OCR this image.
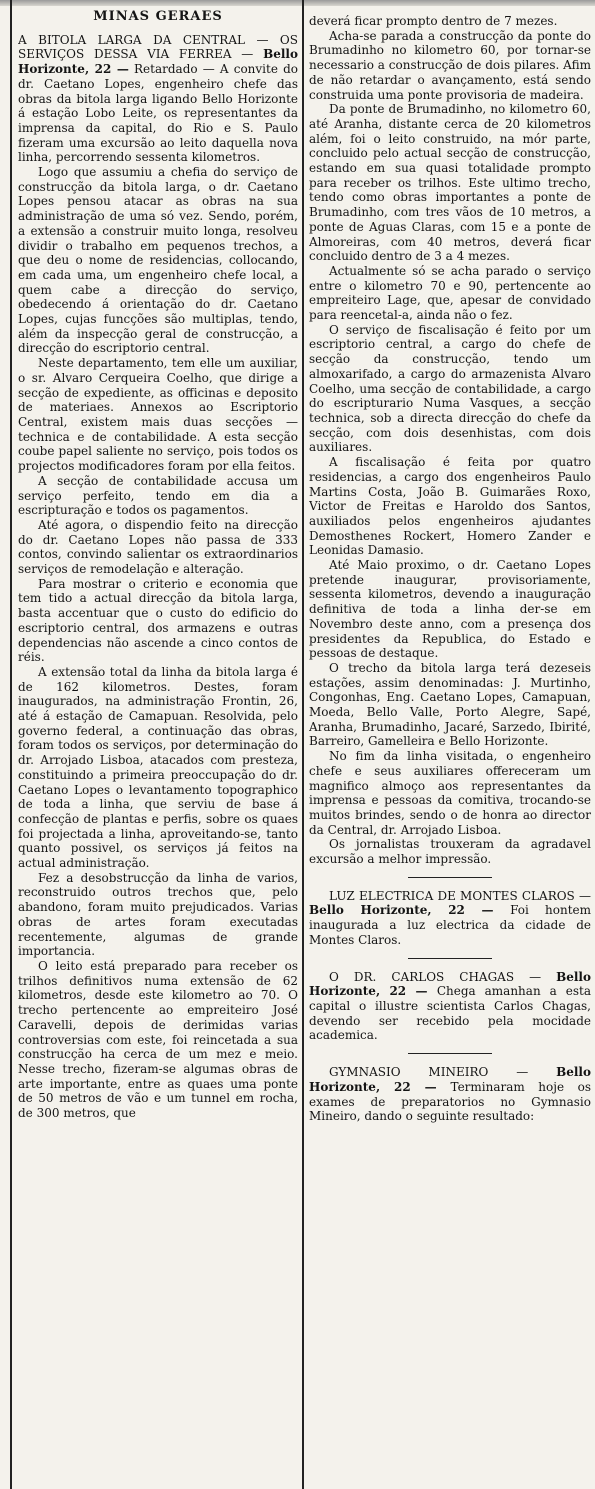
MINAS GERAES

A BITOLA LARGA DA CENTRAL — OS SERVIÇOS DESSA VIA FERREA — Bello Horizonte, 22 — Retardado — A convite do dr. Caetano Lopes, engenheiro chefe das obras da bitola larga ligando Bello Horizonte á estação Lobo Leite, os representantes da imprensa da capital, do Rio e S. Paulo fizeram uma excursão ao leito daquella nova linha, percorrendo sessenta kilometros.

Logo que assumiu a chefia do serviço de construcção da bitola larga, o dr. Caetano Lopes pensou atacar as obras na sua administração de uma só vez. Sendo, porém, a extensão a construir muito longa, resolveu dividir o trabalho em pequenos trechos, a que deu o nome de residencias, collocando, em cada uma, um engenheiro chefe local, a quem cabe a direcção do serviço, obedecendo á orientação do dr. Caetano Lopes, cujas funcções são multiplas, tendo, além da inspecção geral de construcção, a direcção do escriptorio central.

Neste departamento, tem elle um auxiliar, o sr. Alvaro Cerqueira Coelho, que dirige a secção de expediente, as officinas e deposito de materiaes. Annexos ao Escriptorio Central, existem mais duas secções — technica e de contabilidade. A esta secção coube papel saliente no serviço, pois todos os projectos modificadores foram por ella feitos.

A secção de contabilidade accusa um serviço perfeito, tendo em dia a escripturação e todos os pagamentos.

Até agora, o dispendio feito na direcção do dr. Caetano Lopes não passa de 333 contos, convindo salientar os extraordinarios serviços de remodelação e alteração.

Para mostrar o criterio e economia que tem tido a actual direcção da bitola larga, basta accentuar que o custo do edificio do escriptorio central, dos armazens e outras dependencias não ascende a cinco contos de réis.

A extensão total da linha da bitola larga é de 162 kilometros. Destes, foram inaugurados, na administração Frontin, 26, até á estação de Camapuan. Resolvida, pelo governo federal, a continuação das obras, foram todos os serviços, por determinação do dr. Arrojado Lisboa, atacados com presteza, constituindo a primeira preoccupação do dr. Caetano Lopes o levantamento topographico de toda a linha, que serviu de base á confecção de plantas e perfis, sobre os quaes foi projectada a linha, aproveitando-se, tanto quanto possivel, os serviços já feitos na actual administração.

Fez a desobstrucção da linha de varios, reconstruido outros trechos que, pelo abandono, foram muito prejudicados. Varias obras de artes foram executadas recentemente, algumas de grande importancia.

O leito está preparado para receber os trilhos definitivos numa extensão de 62 kilometros, desde este kilometro ao 70. O trecho pertencente ao empreiteiro José Caravelli, depois de derimidas varias controversias com este, foi reincetada a sua construcção ha cerca de um mez e meio. Nesse trecho, fizeram-se algumas obras de arte importante, entre as quaes uma ponte de 50 metros de vão e um tunnel em rocha, de 300 metros, que

deverá ficar prompto dentro de 7 mezes.

Acha-se parada a construcção da ponte do Brumadinho no kilometro 60, por tornar-se necessario a construcção de dois pilares. Afim de não retardar o avançamento, está sendo construida uma ponte provisoria de madeira.

Da ponte de Brumadinho, no kilometro 60, até Aranha, distante cerca de 20 kilometros além, foi o leito construido, na mór parte, concluido pelo actual secção de construcção, estando em sua quasi totalidade prompto para receber os trilhos. Este ultimo trecho, tendo como obras importantes a ponte de Brumadinho, com tres vãos de 10 metros, a ponte de Aguas Claras, com 15 e a ponte de Almoreiras, com 40 metros, deverá ficar concluido dentro de 3 a 4 mezes.

Actualmente só se acha parado o serviço entre o kilometro 70 e 90, pertencente ao empreiteiro Lage, que, apesar de convidado para reencetal-a, ainda não o fez.

O serviço de fiscalisação é feito por um escriptorio central, a cargo do chefe de secção da construcção, tendo um almoxarifado, a cargo do armazenista Alvaro Coelho, uma secção de contabilidade, a cargo do escripturario Numa Vasques, a secção technica, sob a directa direcção do chefe da secção, com dois desenhistas, com dois auxiliares.

A fiscalisação é feita por quatro residencias, a cargo dos engenheiros Paulo Martins Costa, João B. Guimarães Roxo, Victor de Freitas e Haroldo dos Santos, auxiliados pelos engenheiros ajudantes Demosthenes Rockert, Homero Zander e Leonidas Damasio.

Até Maio proximo, o dr. Caetano Lopes pretende inaugurar, provisoriamente, sessenta kilometros, devendo a inauguração definitiva de toda a linha der-se em Novembro deste anno, com a presença dos presidentes da Republica, do Estado e pessoas de destaque.

O trecho da bitola larga terá dezeseis estações, assim denominadas: J. Murtinho, Congonhas, Eng. Caetano Lopes, Camapuan, Moeda, Bello Valle, Porto Alegre, Sapé, Aranha, Brumadinho, Jacaré, Sarzedo, Ibirité, Barreiro, Gamelleira e Bello Horizonte.

No fim da linha visitada, o engenheiro chefe e seus auxiliares offereceram um magnifico almoço aos representantes da imprensa e pessoas da comitiva, trocando-se muitos brindes, sendo o de honra ao director da Central, dr. Arrojado Lisboa.

Os jornalistas trouxeram da agradavel excursão a melhor impressão.

LUZ ELECTRICA DE MONTES CLAROS — Bello Horizonte, 22 — Foi hontem inaugurada a luz electrica da cidade de Montes Claros.

O DR. CARLOS CHAGAS — Bello Horizonte, 22 — Chega amanhan a esta capital o illustre scientista Carlos Chagas, devendo ser recebido pela mocidade academica.

GYMNASIO MINEIRO — Bello Horizonte, 22 — Terminaram hoje os exames de preparatorios no Gymnasio Mineiro, dando o seguinte resultado:
